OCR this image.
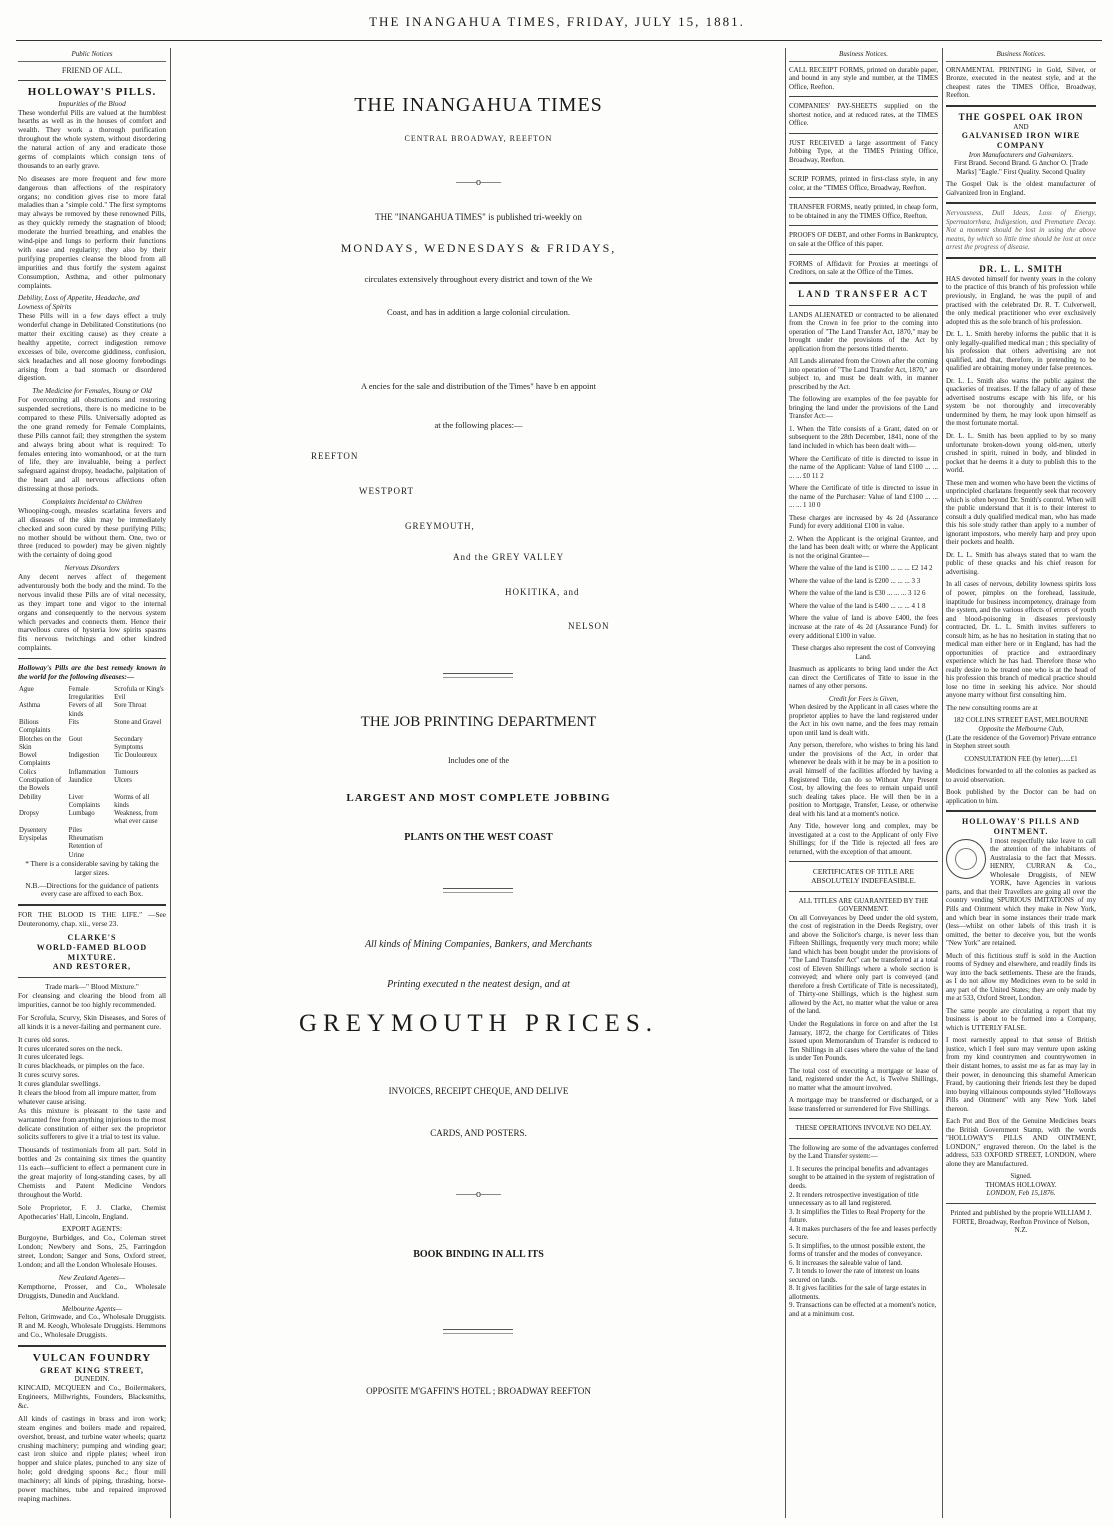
THE INANGAHUA TIMES, FRIDAY, JULY 15, 1881.
Public Notices
FRIEND OF ALL.
HOLLOWAY'S PILLS.
Impurities of the Blood

These wonderful Pills are valued at the humblest hearths as well as in the houses of comfort and wealth. They work a thorough purification throughout the whole system, without disordering the natural action of any and eradicate those germs of complaints which consign tens of thousands to an early grave.

No diseases are more frequent and few more dangerous than affections of the respiratory organs; no condition gives rise to more fatal maladies than a "simple cold." The first symptoms may always be removed by these renowned Pills, as they quickly remedy the stagnation of blood; moderate the hurried breathing, and enables the wind-pipe and lungs to perform their functions with ease and regularity; they also by their purifying properties cleanse the blood from all impurities and thus fortify the system against Consumption, Asthma, and other pulmonary complaints.

Debility, Loss of Appetite, Headache, and Lowness of Spirits

These Pills will in a few days effect a truly wonderful change in Debilitated Constitutions (no matter their exciting cause) as they create a healthy appetite, correct indigestion remove excesses of bile, overcome giddiness, confusion, sick headaches and all nose gloomy forebodings arising from a bad stomach or disordered digestion.

The Medicine for Females, Young or Old

For overcoming all obstructions and restoring suspended secretions, there is no medicine to be compared to these Pills. Universally adopted as the one grand remedy for Female Complaints, these Pills cannot fail; they strengthen the system and always bring about what is required: To females entering into womanhood, or at the turn of life, they are invaluable, being a perfect safeguard against dropsy, headache, palpitation of the heart and all nervous affections often distressing at those periods.

Complaints Incidental to Children

Whooping-cough, measles scarlatina fevers and all diseases of the skin may be immediately checked and soon cured by these purifying Pills; no mother should be without them. One, two or three (reduced to powder) may be given nightly with the certainty of doing good

Nervous Disorders

Any decent nerves affect of thegement adventurously both the body and the mind. To the nervous invalid these Pills are of vital necessity, as they impart tone and vigor to the internal organs and consequently to the nervous system which pervades and connects them. Hence their marvellous cures of hysteria low spirits spasms fits nervous twitchings and other kindred complaints.

Holloway's Pills are the best remedy known in the world for the following diseases:—

Ague	Female Irregularities	Scrofula or King's Evil
Asthma	Fevers of all kinds	Sore Throat
Bilious Complaints	Fits	Stone and Gravel
Blotches on the Skin	Gout	Secondary Symptoms
Bowel Complaints	Indigestion	Tic Douloureux
Colics	Inflammation	Tumours
Constipation of the Bowels	Jaundice	Ulcers
Debility	Liver Complaints	Worms of all kinds
Dropsy	Lumbago	Weakness, from what ever cause
Dysentery	Piles	
Erysipelas	Rheumatism	
	Retention of Urine	

* There is a considerable saving by taking the larger sizes.

N.B.—Directions for the guidance of patients every case are affixed to each Box.

FOR THE BLOOD IS THE LIFE." —See Deuteronomy, chap. xii., verse 23.

CLARKE'S
WORLD-FAMED BLOOD MIXTURE.
AND RESTORER,
Trade mark—" Blood Mixture."

For cleansing and clearing the blood from all impurities, cannot be too highly recommended.

For Scrofula, Scurvy, Skin Diseases, and Sores of all kinds it is a never-failing and permanent cure.

It cures old sores.
It cures ulcerated sores on the neck.
It cures ulcerated legs.
It cures blackheads, or pimples on the face.
It cures scurvy sores.
It cures glandular swellings.
It clears the blood from all impure matter, from whatever cause arising.

As this mixture is pleasant to the taste and warranted free from anything injurious to the most delicate constitution of either sex the proprietor solicits sufferers to give it a trial to test its value.

Thousands of testimonials from all part. Sold in bottles and 2s containing six times the quantity 11s each—sufficient to effect a permanent cure in the great majority of long-standing cases, by all Chemists and Patent Medicine Vendors throughout the World.

Sole Proprietor, F. J. Clarke, Chemist Apothecaries' Hall, Lincoln, England.

EXPORT AGENTS:

Burgoyne, Burbidges, and Co., Coleman street London; Newbery and Sons, 25, Farringdon street, London; Sanger and Sons, Oxford street, London; and all the London Wholesale Houses.

New Zealand Agents—

Kempthorne, Prosser, and Co., Wholesale Druggists, Dunedin and Auckland.

Melbourne Agents—

Felton, Grimwade, and Co., Wholesale Druggists. R and M. Keogh, Wholesale Druggists. Hemmons and Co., Wholesale Druggists.

VULCAN FOUNDRY
GREAT KING STREET,
DUNEDIN.

KINCAID, MCQUEEN and Co., Boilermakers, Engineers, Millwrights, Founders, Blacksmiths, &c.

All kinds of castings in brass and iron work; steam engines and boilers made and repaired, overshot, breast, and turbine water wheels; quartz crushing machinery; pumping and winding gear; cast iron sluice and ripple plates; wheel iron hopper and sluice plates, punched to any size of hole; gold dredging spoons &c.; flour mill machinery; all kinds of piping, thrashing, horse-power machines, tube and repaired improved reaping machines.

THE INANGAHUA TIMES
CENTRAL BROADWAY, REEFTON
——o——
THE "INANGAHUA TIMES" is published tri-weekly on
MONDAYS, WEDNESDAYS & FRIDAYS,
circulates extensively throughout every district and town of the We
Coast, and has in addition a large colonial circulation.
A encies for the sale and distribution of the Times" have b en appoint
at the following places:—
REEFTON
WESTPORT
GREYMOUTH,
And the GREY VALLEY
HOKITIKA, and
NELSON
THE JOB PRINTING DEPARTMENT
Includes one of the
LARGEST AND MOST COMPLETE JOBBING
PLANTS ON THE WEST COAST
All kinds of Mining Companies, Bankers, and Merchants
Printing executed n the neatest design, and at
GREYMOUTH PRICES.
INVOICES, RECEIPT CHEQUE, AND DELIVE
CARDS, AND POSTERS.
——o——
BOOK BINDING IN ALL ITS
OPPOSITE M'GAFFIN'S HOTEL ; BROADWAY REEFTON
Business Notices.

CALL RECEIPT FORMS, printed on durable paper, and bound in any style and number, at the TIMES Office, Reefton.

COMPANIES' PAY-SHEETS supplied on the shortest notice, and at reduced rates, at the TIMES Office.

JUST RECEIVED a large assortment of Fancy Jobbing Type, at the TIMES Printing Office, Broadway, Reefton.

SCRIP FORMS, printed in first-class style, in any color, at the "TIMES Office, Broadway, Reefton.

TRANSFER FORMS, neatly printed, in cheap form, to be obtained in any the TIMES Office, Reefton.

PROOFS OF DEBT, and other Forms in Bankruptcy, on sale at the Office of this paper.

FORMS of Affidavit for Proxies at meetings of Creditors, on sale at the Office of the Times.

LAND TRANSFER ACT

LANDS ALIENATED or contracted to be alienated from the Crown in fee prior to the coming into operation of "The Land Transfer Act, 1870," may be brought under the provisions of the Act by application from the persons titled thereto.

All Lands alienated from the Crown after the coming into operation of "The Land Transfer Act, 1870," are subject to, and must be dealt with, in manner prescribed by the Act.

The following are examples of the fee payable for bringing the land under the provisions of the Land Transfer Act:—

1. When the Title consists of a Grant, dated on or subsequent to the 28th December, 1841, none of the land included in which has been dealt with—

Where the Certificate of title is directed to issue in the name of the Applicant: Value of land £100 ... ... ... ... £0 11 2

Where the Certificate of title is directed to issue in the name of the Purchaser: Value of land £100 ... ... ... ... 1 10 0

These charges are increased by 4s 2d (Assurance Fund) for every additional £100 in value.

2. When the Applicant is the original Grantee, and the land has been dealt with; or where the Applicant is not the original Grantee—

Where the value of the land is £100 ... ... ... £2 14 2

Where the value of the land is £200 ... ... ... 3 3

Where the value of the land is £30 ... ... ... 3 12 6

Where the value of the land is £400 ... ... ... 4 1 8

Where the value of land is above £400, the fees increase at the rate of 4s 2d (Assurance Fund) for every additional £100 in value.

These charges also represent the cost of Conveying Land.

Inasmuch as applicants to bring land under the Act can direct the Certificates of Title to issue in the names of any other persons.

Credit for Fees is Given,

When desired by the Applicant in all cases where the proprietor applies to have the land registered under the Act in his own name, and the fees may remain upon until land is dealt with.

Any person, therefore, who wishes to bring his land under the provisions of the Act, in order that whenever he deals with it he may be in a position to avail himself of the facilities afforded by having a Registered Title, can do so Without Any Present Cost, by allowing the fees to remain unpaid until such dealing takes place. He will then be in a position to Mortgage, Transfer, Lease, or otherwise deal with his land at a moment's notice.

Any Title, however long and complex, may be investigated at a cost to the Applicant of only Five Shillings; for if the Title is rejected all fees are returned, with the exception of that amount.

CERTIFICATES OF TITLE ARE ABSOLUTELY INDEFEASIBLE.
ALL TITLES ARE GUARANTEED BY THE GOVERNMENT.

On all Conveyances by Deed under the old system, the cost of registration in the Deeds Registry, over and above the Solicitor's charge, is never less than Fifteen Shillings, frequently very much more; while land which has been bought under the provisions of "The Land Transfer Act" can be transferred at a total cost of Eleven Shillings where a whole section is conveyed; and where only part is conveyed (and therefore a fresh Certificate of Title is necessitated), of Thirty-one Shillings, which is the highest sum allowed by the Act, no matter what the value or area of the land.

Under the Regulations in force on and after the 1st January, 1872, the charge for Certificates of Titles issued upon Memorandum of Transfer is reduced to Ten Shillings in all cases where the value of the land is under Ten Pounds.

The total cost of executing a mortgage or lease of land, registered under the Act, is Twelve Shillings, no matter what the amount involved.

A mortgage may be transferred or discharged, or a lease transferred or surrendered for Five Shillings.

THESE OPERATIONS INVOLVE NO DELAY.

The following are some of the advantages conferred by the Land Transfer system:—

1. It secures the principal benefits and advantages sought to be attained in the system of registration of deeds.
2. It renders retrospective investigation of title unnecessary as to all land registered.
3. It simplifies the Titles to Real Property for the future.
4. It makes purchasers of the fee and leases perfectly secure.
5. It simplifies, to the utmost possible extent, the forms of transfer and the modes of conveyance.
6. It increases the saleable value of land.
7. It tends to lower the rate of interest on loans secured on lands.
8. It gives facilities for the sale of large estates in allotments.
9. Transactions can be effected at a moment's notice, and at a minimum cost.
Business Notices.

ORNAMENTAL PRINTING in Gold, Silver, or Bronze, executed in the neatest style, and at the cheapest rates the TIMES Office, Broadway, Reefton.

THE GOSPEL OAK IRON
AND
GALVANISED IRON WIRE COMPANY
Iron Manufacturers and Galvanizers.

First Brand. Second Brand. G ∆nchor O. [Trade Marks] "Eagle." First Quality. Second Quality

The Gospel Oak is the oldest manufacturer of Galvanized Iron in England.

Nervousness, Dull Ideas, Loss of Energy, Spermatorrhœa, Indigestion, and Premature Decay. Not a moment should be lost in using the above means, by which so little time should be lost at once arrest the progress of disease.

DR. L. L. SMITH

HAS devoted himself for twenty years in the colony to the practice of this branch of his profession while previously, in England, he was the pupil of and practised with the celebrated Dr. R. T. Culverwell, the only medical practitioner who ever exclusively adopted this as the sole branch of his profession.

Dr. L. L. Smith hereby informs the public that it is only legally-qualified medical man ; this speciality of his profession that others advertising are not qualified, and that, therefore, in pretending to be qualified are obtaining money under false pretences.

Dr. L. L. Smith also warns the public against the quackeries of treatises. If the fallacy of any of these advertised nostrums escape with his life, or his system be not thoroughly and irrecoverably undermined by them, he may look upon himself as the most fortunate mortal.

Dr. L. L. Smith has been applied to by so many unfortunate broken-down young old-men, utterly crushed in spirit, ruined in body, and blinded in pocket that he deems it a duty to publish this to the world.

These men and women who have been the victims of unprincipled charlatans frequently seek that recovery which is often beyond Dr. Smith's control. When will the public understand that it is to their interest to consult a duly qualified medical man, who has made this his sole study rather than apply to a number of ignorant impostors, who merely harp and prey upon their pockets and health.

Dr. L. L. Smith has always stated that to warn the public of these quacks and his chief reason for advertising.

In all cases of nervous, debility lowness spirits loss of power, pimples on the forehead, lassitude, inaptitude for business incompetency, drainage from the system, and the various effects of errors of youth and blood-poisoning in diseases previously contracted, Dr. L. L. Smith invites sufferers to consult him, as he has no hesitation in stating that no medical man either here or in England, has had the opportunities of practice and extraordinary experience which he has had. Therefore those who really desire to be treated one who is at the head of his profession this branch of medical practice should lose no time in seeking his advice. Nor should anyone marry without first consulting him.

The new consulting rooms are at

182 COLLINS STREET EAST, MELBOURNE
Opposite the Melbourne Club,

(Late the residence of the Governor) Private entrance in Stephen street south

CONSULTATION FEE (by letter)......£1

Medicines forwarded to all the colonies as packed as to avoid observation.

Book published by the Doctor can be had on application to him.

HOLLOWAY'S PILLS AND OINTMENT.

I most respectfully take leave to call the attention of the inhabitants of Australasia to the fact that Messrs. HENRY, CURRAN & Co., Wholesale Druggists, of NEW YORK, have Agencies in various parts, and that their Travellers are going all over the country vending SPURIOUS IMITATIONS of my Pills and Ointment which they make in New York, and which bear in some instances their trade mark (less—whilst on other labels of this trash it is omitted, the better to deceive you, but the words "New York" are retained.

Much of this fictitious stuff is sold in the Auction rooms of Sydney and elsewhere, and readily finds its way into the back settlements. These are the frauds, as I do not allow my Medicines even to be sold in any part of the United States; they are only made by me at 533, Oxford Street, London.

The same people are circulating a report that my business is about to be formed into a Company, which is UTTERLY FALSE.

I most earnestly appeal to that sense of British justice, which I feel sure may venture upon asking from my kind countrymen and countrywomen in their distant homes, to assist me as far as may lay in their power, in denouncing this shameful American Fraud, by cautioning their friends lest they be duped into buying villainous compounds styled "Holloways Pills and Ointment" with any New York label thereon.

Each Pot and Box of the Genuine Medicines bears the British Government Stamp, with the words "HOLLOWAY'S PILLS AND OINTMENT, LONDON," engraved thereon. On the label is the address, 533 OXFORD STREET, LONDON, where alone they are Manufactured.

Signed.
THOMAS HOLLOWAY.
LONDON, Feb 15,1876.

Printed and published by the proprie WILLIAM J. FORTE, Broadway, Reefton Province of Nelson, N.Z.
